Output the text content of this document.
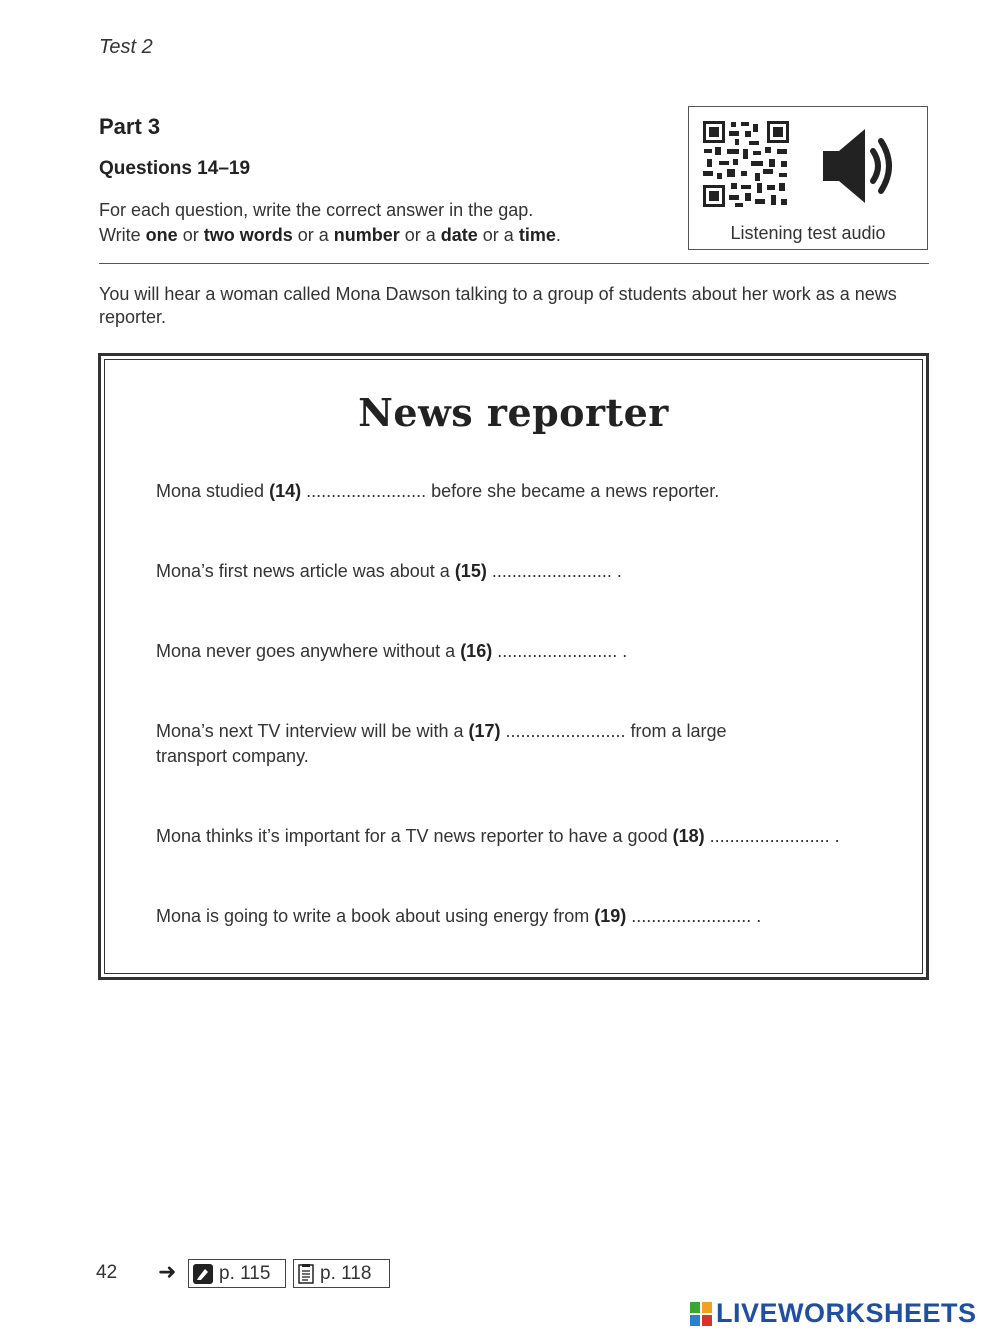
Test 2
Part 3
Questions 14–19
For each question, write the correct answer in the gap.
Write one or two words or a number or a date or a time.	Listening test audio
You will hear a woman called Mona Dawson talking to a group of students about her work as a news reporter.
News reporter
Mona studied (14) ........................ before she became a news reporter.
Mona’s first news article was about a (15) ........................ .
Mona never goes anywhere without a (16) ........................ .
Mona’s next TV interview will be with a (17) ........................ from a large transport company.
Mona thinks it’s important for a TV news reporter to have a good (18) ........................ .
Mona is going to write a book about using energy from (19) ........................ .
42 ➜ p. 115	p. 118
LIVEWORKSHEETS
